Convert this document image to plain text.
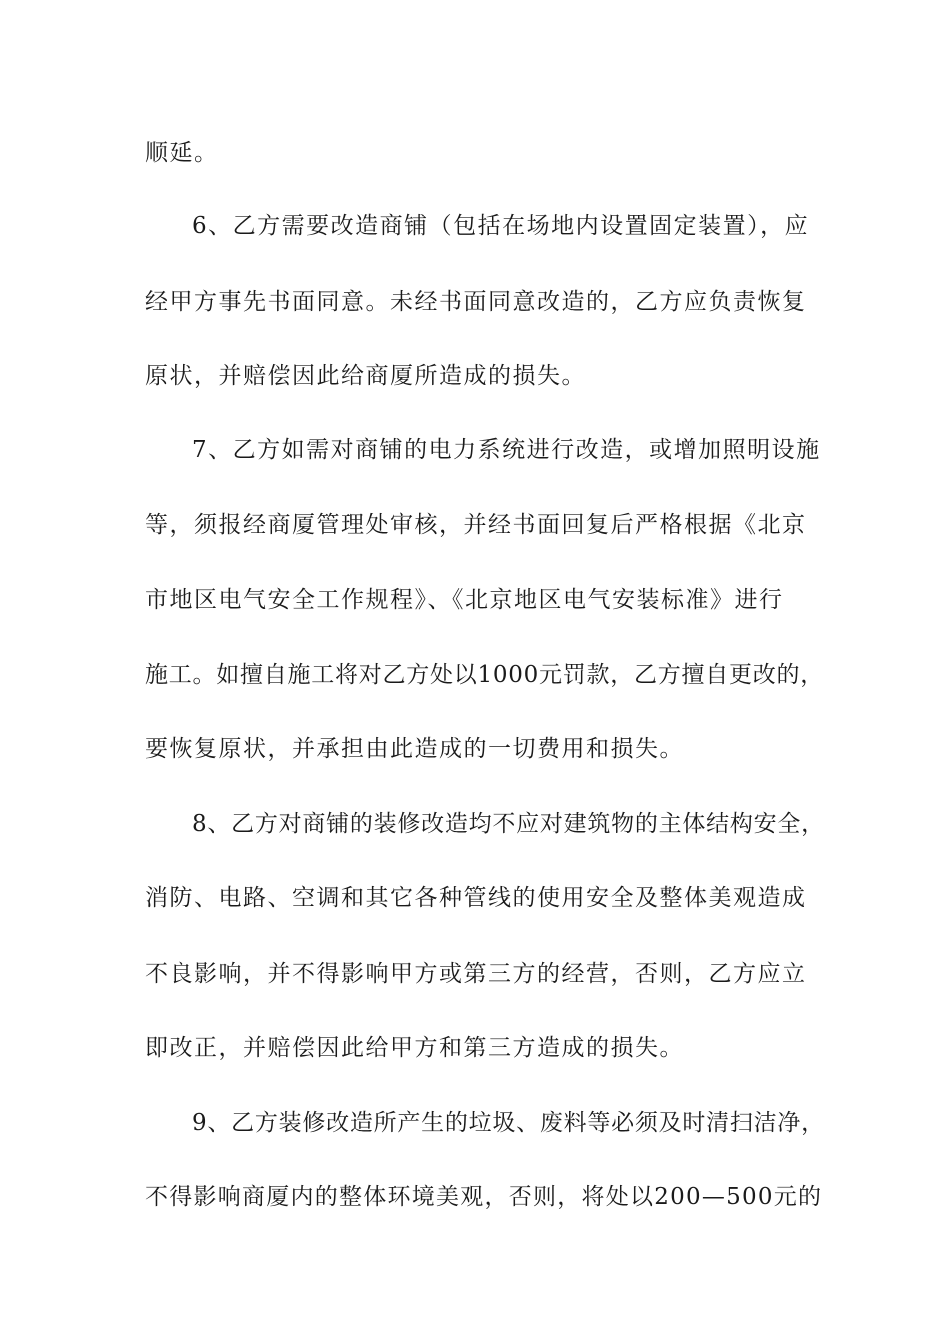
顺延。
6、乙方需要改造商铺（包括在场地内设置固定装置），应
经甲方事先书面同意。未经书面同意改造的，乙方应负责恢复
原状，并赔偿因此给商厦所造成的损失。
7、乙方如需对商铺的电力系统进行改造，或增加照明设施
等，须报经商厦管理处审核，并经书面回复后严格根据《北京
市地区电气安全工作规程》、《北京地区电气安装标准》进行
施工。如擅自施工将对乙方处以1000元罚款，乙方擅自更改的，
要恢复原状，并承担由此造成的一切费用和损失。
8、乙方对商铺的装修改造均不应对建筑物的主体结构安全，
消防、电路、空调和其它各种管线的使用安全及整体美观造成
不良影响，并不得影响甲方或第三方的经营，否则，乙方应立
即改正，并赔偿因此给甲方和第三方造成的损失。
9、乙方装修改造所产生的垃圾、废料等必须及时清扫洁净，
不得影响商厦内的整体环境美观，否则，将处以200—500元的
